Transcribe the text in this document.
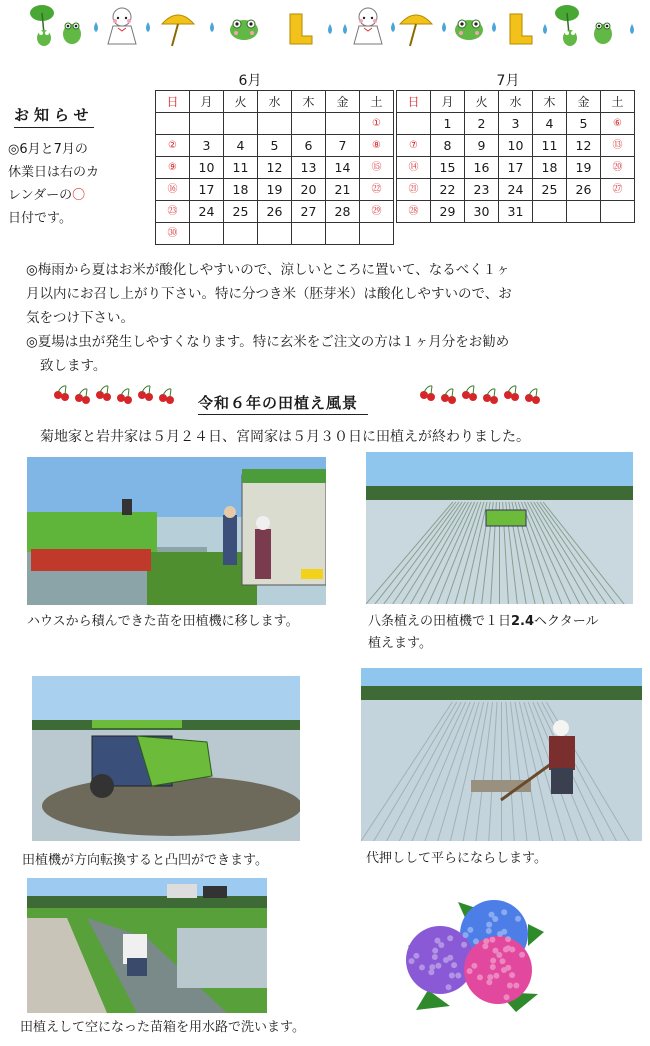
お知らせ
◎6月と7月の
休業日は右のカ
レンダーの〇
日付です。
6月
日	月	火	水	木	金	土
						①
②	3	4	5	6	7	⑧
⑨	10	11	12	13	14	⑮
⑯	17	18	19	20	21	㉒
㉓	24	25	26	27	28	㉙
㉚						
7月
日	月	火	水	木	金	土
	1	2	3	4	5	⑥
⑦	8	9	10	11	12	⑬
⑭	15	16	17	18	19	⑳
㉑	22	23	24	25	26	㉗
㉘	29	30	31			
◎梅雨から夏はお米が酸化しやすいので、涼しいところに置いて、なるべく１ヶ
月以内にお召し上がり下さい。特に分つき米（胚芽米）は酸化しやすいので、お
気をつけ下さい。
◎夏場は虫が発生しやすくなります。特に玄米をご注文の方は１ヶ月分をお勧め
致します。
令和６年の田植え風景
菊地家と岩井家は５月２４日、宮岡家は５月３０日に田植えが終わりました。
ハウスから積んできた苗を田植機に移します。	八条植えの田植機で１日2.4ヘクタール
植えます。
田植機が方向転換すると凸凹ができます。	代押しして平らにならします。
田植えして空になった苗箱を用水路で洗います。
